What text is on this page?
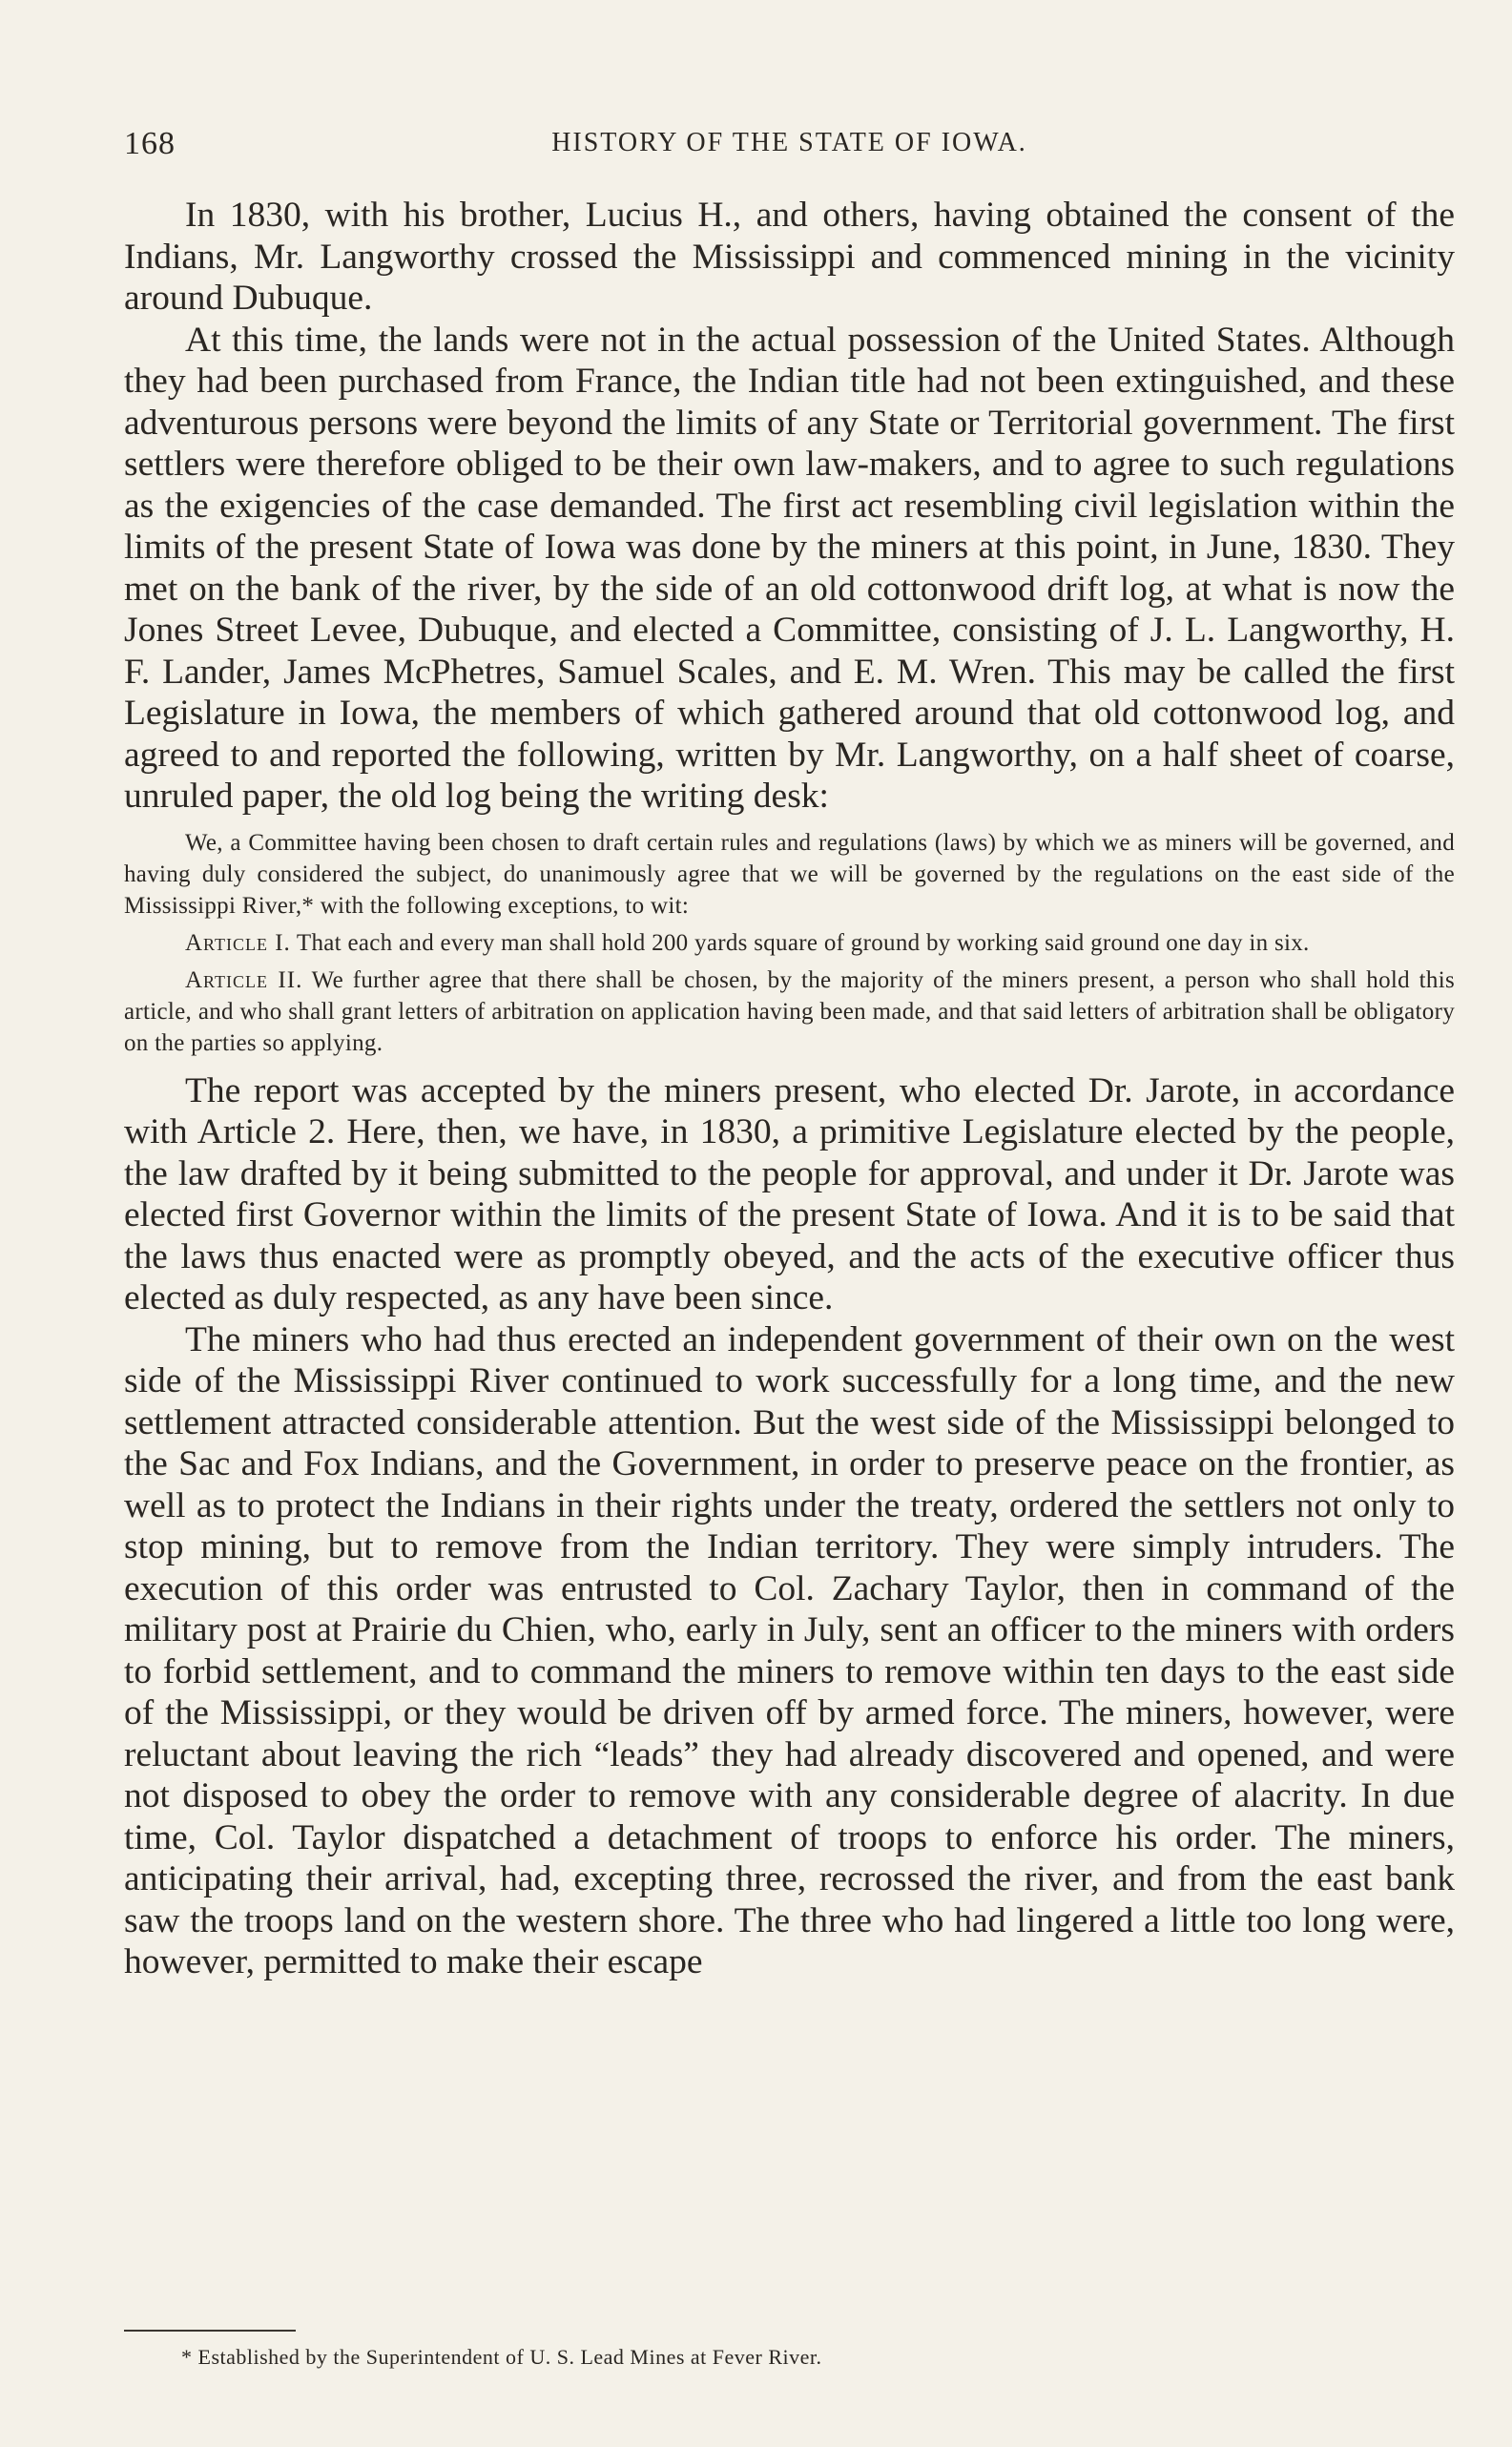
168	HISTORY OF THE STATE OF IOWA.

In 1830, with his brother, Lucius H., and others, having obtained the consent of the Indians, Mr. Langworthy crossed the Mississippi and commenced mining in the vicinity around Dubuque.

At this time, the lands were not in the actual possession of the United States. Although they had been purchased from France, the Indian title had not been extinguished, and these adventurous persons were beyond the limits of any State or Territorial government. The first settlers were therefore obliged to be their own law-makers, and to agree to such regulations as the exigencies of the case demanded. The first act resembling civil legislation within the limits of the present State of Iowa was done by the miners at this point, in June, 1830. They met on the bank of the river, by the side of an old cottonwood drift log, at what is now the Jones Street Levee, Dubuque, and elected a Committee, consisting of J. L. Langworthy, H. F. Lander, James McPhetres, Samuel Scales, and E. M. Wren. This may be called the first Legislature in Iowa, the members of which gathered around that old cottonwood log, and agreed to and reported the following, written by Mr. Langworthy, on a half sheet of coarse, unruled paper, the old log being the writing desk:

We, a Committee having been chosen to draft certain rules and regulations (laws) by which we as miners will be governed, and having duly considered the subject, do unanimously agree that we will be governed by the regulations on the east side of the Mississippi River,* with the following exceptions, to wit:

Article I. That each and every man shall hold 200 yards square of ground by working said ground one day in six.

Article II. We further agree that there shall be chosen, by the majority of the miners present, a person who shall hold this article, and who shall grant letters of arbitration on application having been made, and that said letters of arbitration shall be obligatory on the parties so applying.

The report was accepted by the miners present, who elected Dr. Jarote, in accordance with Article 2. Here, then, we have, in 1830, a primitive Legislature elected by the people, the law drafted by it being submitted to the people for approval, and under it Dr. Jarote was elected first Governor within the limits of the present State of Iowa. And it is to be said that the laws thus enacted were as promptly obeyed, and the acts of the executive officer thus elected as duly respected, as any have been since.

The miners who had thus erected an independent government of their own on the west side of the Mississippi River continued to work successfully for a long time, and the new settlement attracted considerable attention. But the west side of the Mississippi belonged to the Sac and Fox Indians, and the Government, in order to preserve peace on the frontier, as well as to protect the Indians in their rights under the treaty, ordered the settlers not only to stop mining, but to remove from the Indian territory. They were simply intruders. The execution of this order was entrusted to Col. Zachary Taylor, then in command of the military post at Prairie du Chien, who, early in July, sent an officer to the miners with orders to forbid settlement, and to command the miners to remove within ten days to the east side of the Mississippi, or they would be driven off by armed force. The miners, however, were reluctant about leaving the rich “leads” they had already discovered and opened, and were not disposed to obey the order to remove with any considerable degree of alacrity. In due time, Col. Taylor dispatched a detachment of troops to enforce his order. The miners, anticipating their arrival, had, excepting three, recrossed the river, and from the east bank saw the troops land on the western shore. The three who had lingered a little too long were, however, permitted to make their escape

* Established by the Superintendent of U. S. Lead Mines at Fever River.
